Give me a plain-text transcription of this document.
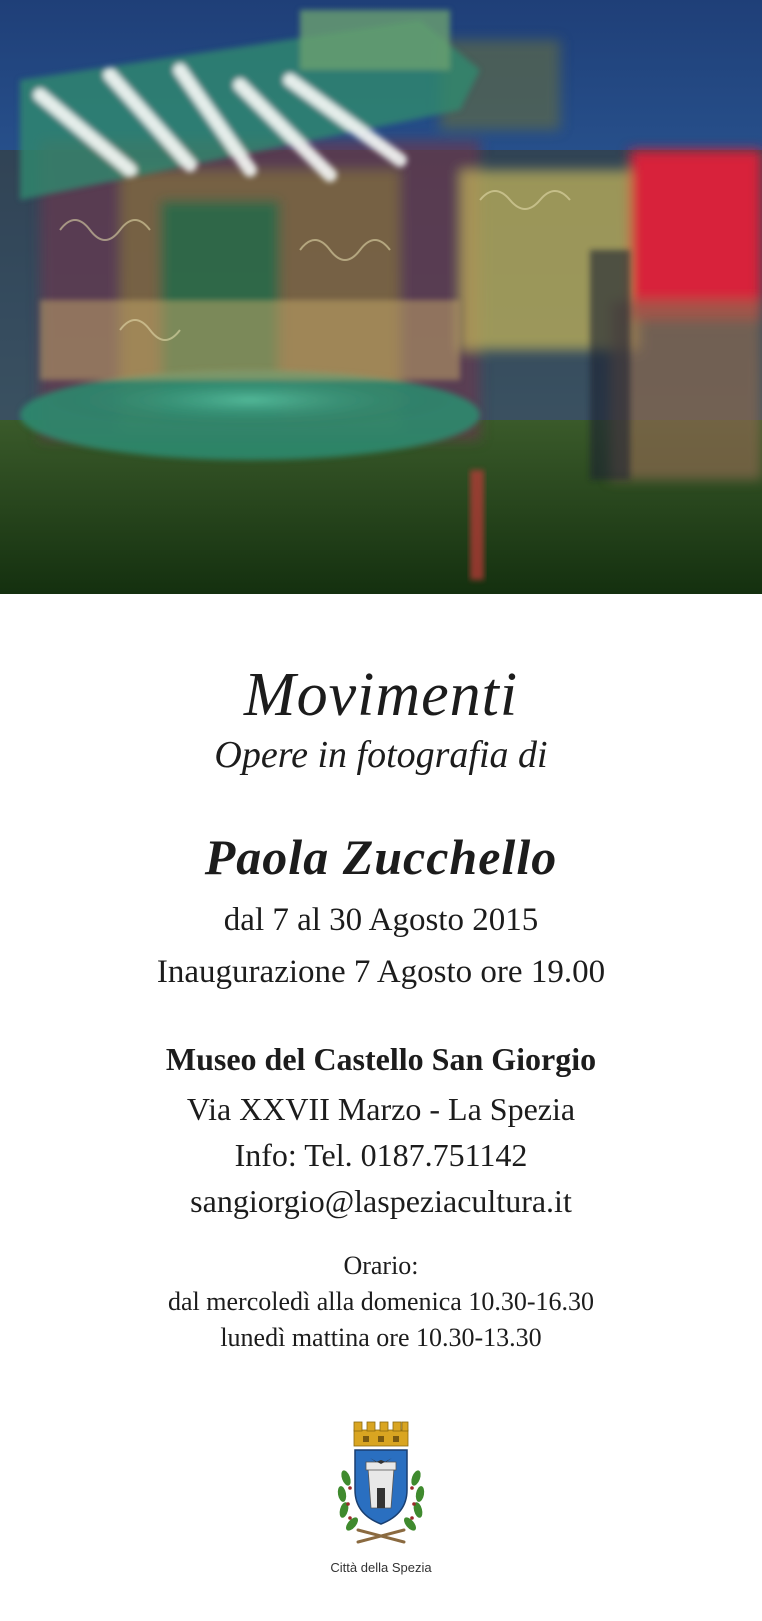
Movimenti
Opere in fotografia di
Paola Zucchello
dal 7 al 30 Agosto 2015
Inaugurazione 7 Agosto ore 19.00
Museo del Castello San Giorgio
Via XXVII Marzo - La Spezia
Info: Tel. 0187.751142
sangiorgio@laspeziacultura.it
Orario:
dal mercoledì alla domenica 10.30-16.30
lunedì mattina ore 10.30-13.30
Città della Spezia
